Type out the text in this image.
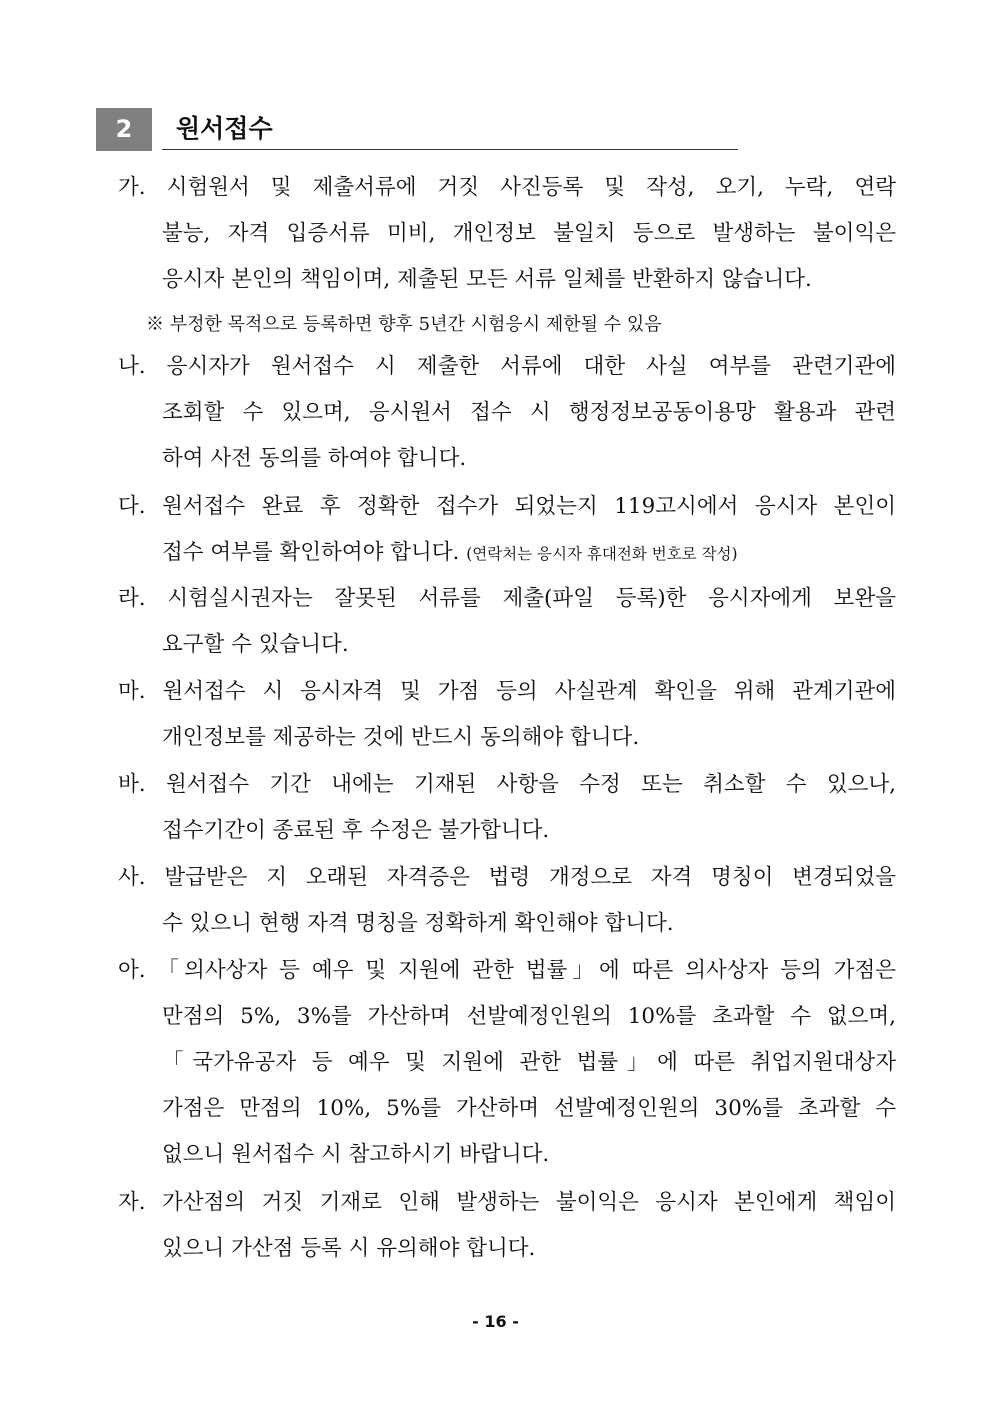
2	원서접수
가. 시험원서 및 제출서류에 거짓 사진등록 및 작성, 오기, 누락, 연락
불능, 자격 입증서류 미비, 개인정보 불일치 등으로 발생하는 불이익은
응시자 본인의 책임이며, 제출된 모든 서류 일체를 반환하지 않습니다.
※ 부정한 목적으로 등록하면 향후 5년간 시험응시 제한될 수 있음
나. 응시자가 원서접수 시 제출한 서류에 대한 사실 여부를 관련기관에
조회할 수 있으며, 응시원서 접수 시 행정정보공동이용망 활용과 관련
하여 사전 동의를 하여야 합니다.
다. 원서접수 완료 후 정확한 접수가 되었는지 119고시에서 응시자 본인이
접수 여부를 확인하여야 합니다. (연락처는 응시자 휴대전화 번호로 작성)
라. 시험실시권자는 잘못된 서류를 제출(파일 등록)한 응시자에게 보완을
요구할 수 있습니다.
마. 원서접수 시 응시자격 및 가점 등의 사실관계 확인을 위해 관계기관에
개인정보를 제공하는 것에 반드시 동의해야 합니다.
바. 원서접수 기간 내에는 기재된 사항을 수정 또는 취소할 수 있으나,
접수기간이 종료된 후 수정은 불가합니다.
사. 발급받은 지 오래된 자격증은 법령 개정으로 자격 명칭이 변경되었을
수 있으니 현행 자격 명칭을 정확하게 확인해야 합니다.
아. 「의사상자 등 예우 및 지원에 관한 법률」에 따른 의사상자 등의 가점은
만점의 5%, 3%를 가산하며 선발예정인원의 10%를 초과할 수 없으며,
「국가유공자 등 예우 및 지원에 관한 법률」에 따른 취업지원대상자
가점은 만점의 10%, 5%를 가산하며 선발예정인원의 30%를 초과할 수
없으니 원서접수 시 참고하시기 바랍니다.
자. 가산점의 거짓 기재로 인해 발생하는 불이익은 응시자 본인에게 책임이
있으니 가산점 등록 시 유의해야 합니다.
- 16 -
